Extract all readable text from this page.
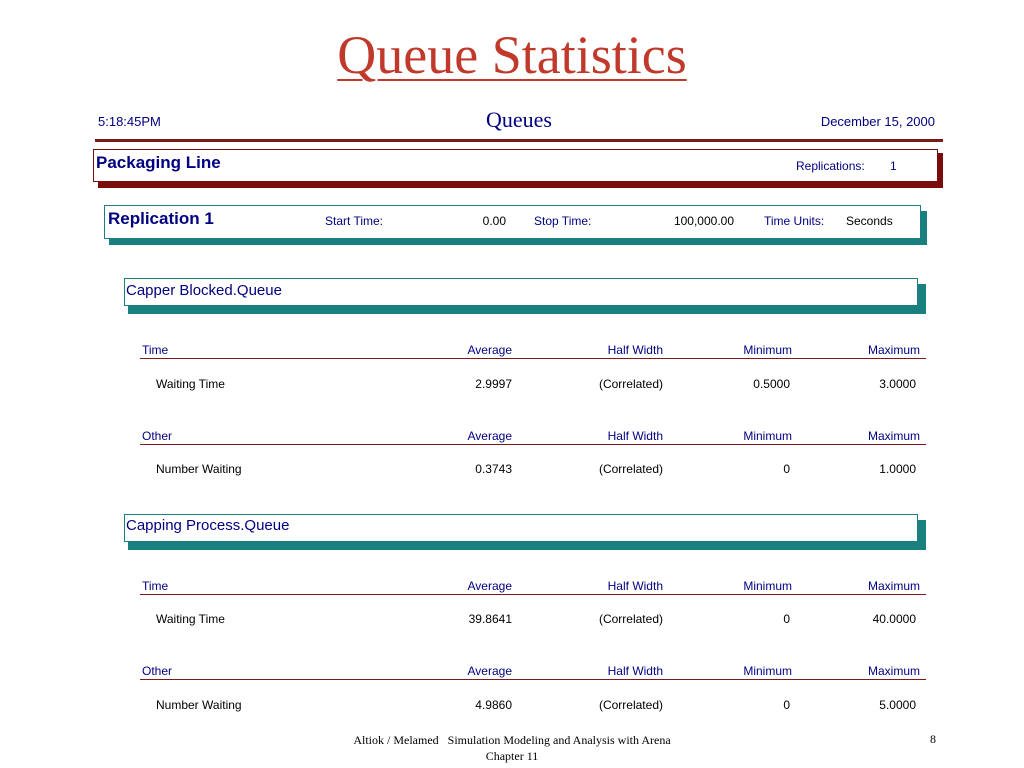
Queue Statistics
5:18:45PM	Queues	December 15, 2000
Packaging Line	Replications: 1
Replication 1	Start Time:	0.00 Stop Time:	100,000.00	Time Units: Seconds
Capper Blocked.Queue
Time	Average	Half Width	Minimum	Maximum
Waiting Time	2.9997	(Correlated)	0.5000	3.0000
Other	Average	Half Width	Minimum	Maximum
Number Waiting	0.3743	(Correlated)	0	1.0000
Capping Process.Queue
Time	Average	Half Width	Minimum	Maximum
Waiting Time	39.8641	(Correlated)	0	40.0000
Other	Average	Half Width	Minimum	Maximum
Number Waiting	4.9860	(Correlated)	0	5.0000
Altiok / Melamed   Simulation Modeling and Analysis with Arena
Chapter 11
8
